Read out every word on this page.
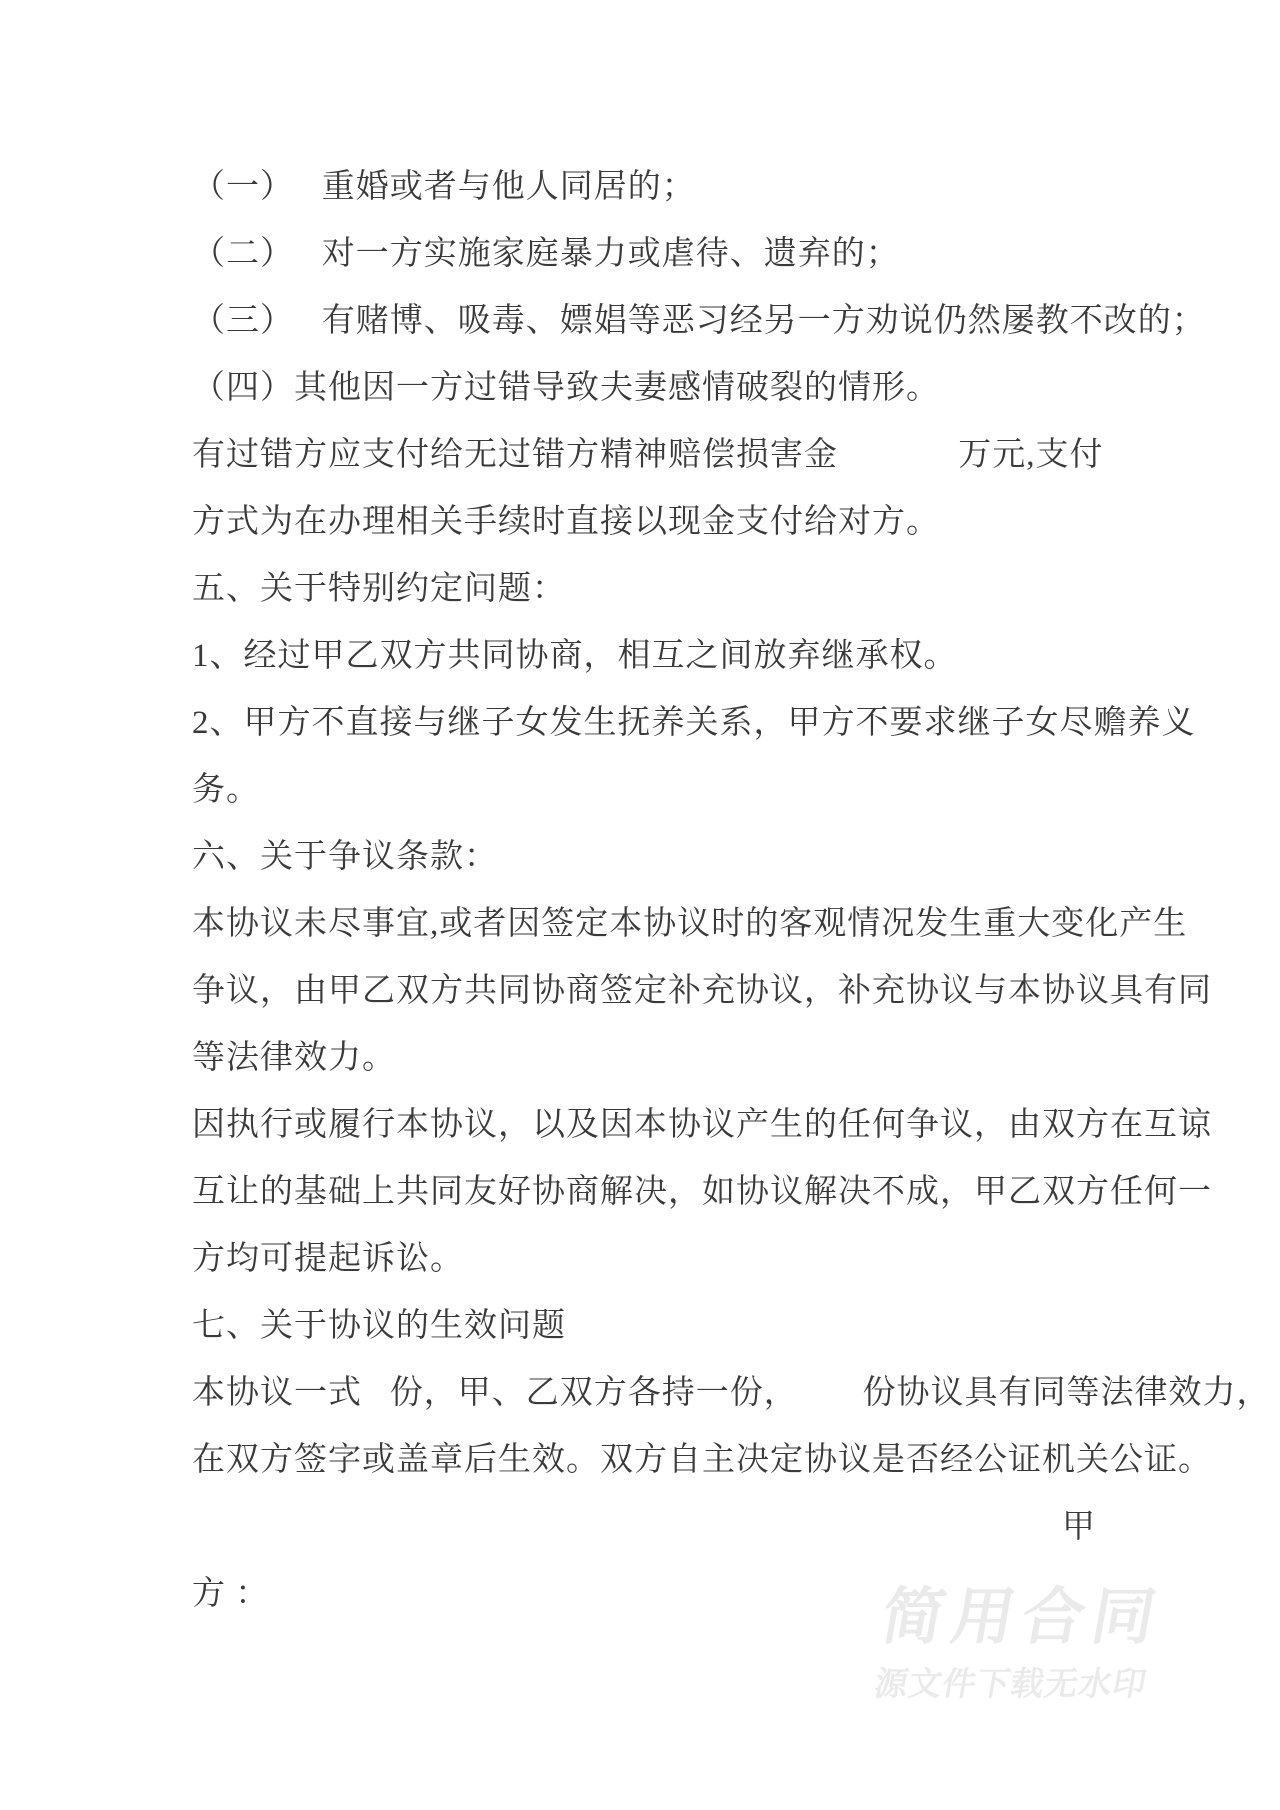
（一）   重婚或者与他人同居的；
（二）   对一方实施家庭暴力或虐待、遗弃的；
（三）   有赌博、吸毒、嫖娼等恶习经另一方劝说仍然屡教不改的；
（四）其他因一方过错导致夫妻感情破裂的情形。
有过错方应支付给无过错方精神赔偿损害金             万元,支付
方式为在办理相关手续时直接以现金支付给对方。
五、关于特别约定问题：
1、经过甲乙双方共同协商，相互之间放弃继承权。
2、甲方不直接与继子女发生抚养关系，甲方不要求继子女尽赡养义
务。
六、关于争议条款：
本协议未尽事宜,或者因签定本协议时的客观情况发生重大变化产生
争议，由甲乙双方共同协商签定补充协议，补充协议与本协议具有同
等法律效力。
因执行或履行本协议，以及因本协议产生的任何争议，由双方在互谅
互让的基础上共同友好协商解决，如协议解决不成，甲乙双方任何一
方均可提起诉讼。
七、关于协议的生效问题
本协议一式   份，甲、乙双方各持一份，       份协议具有同等法律效力，
在双方签字或盖章后生效。双方自主决定协议是否经公证机关公证。
甲
方 ：	简用合同
源文件下载无水印
